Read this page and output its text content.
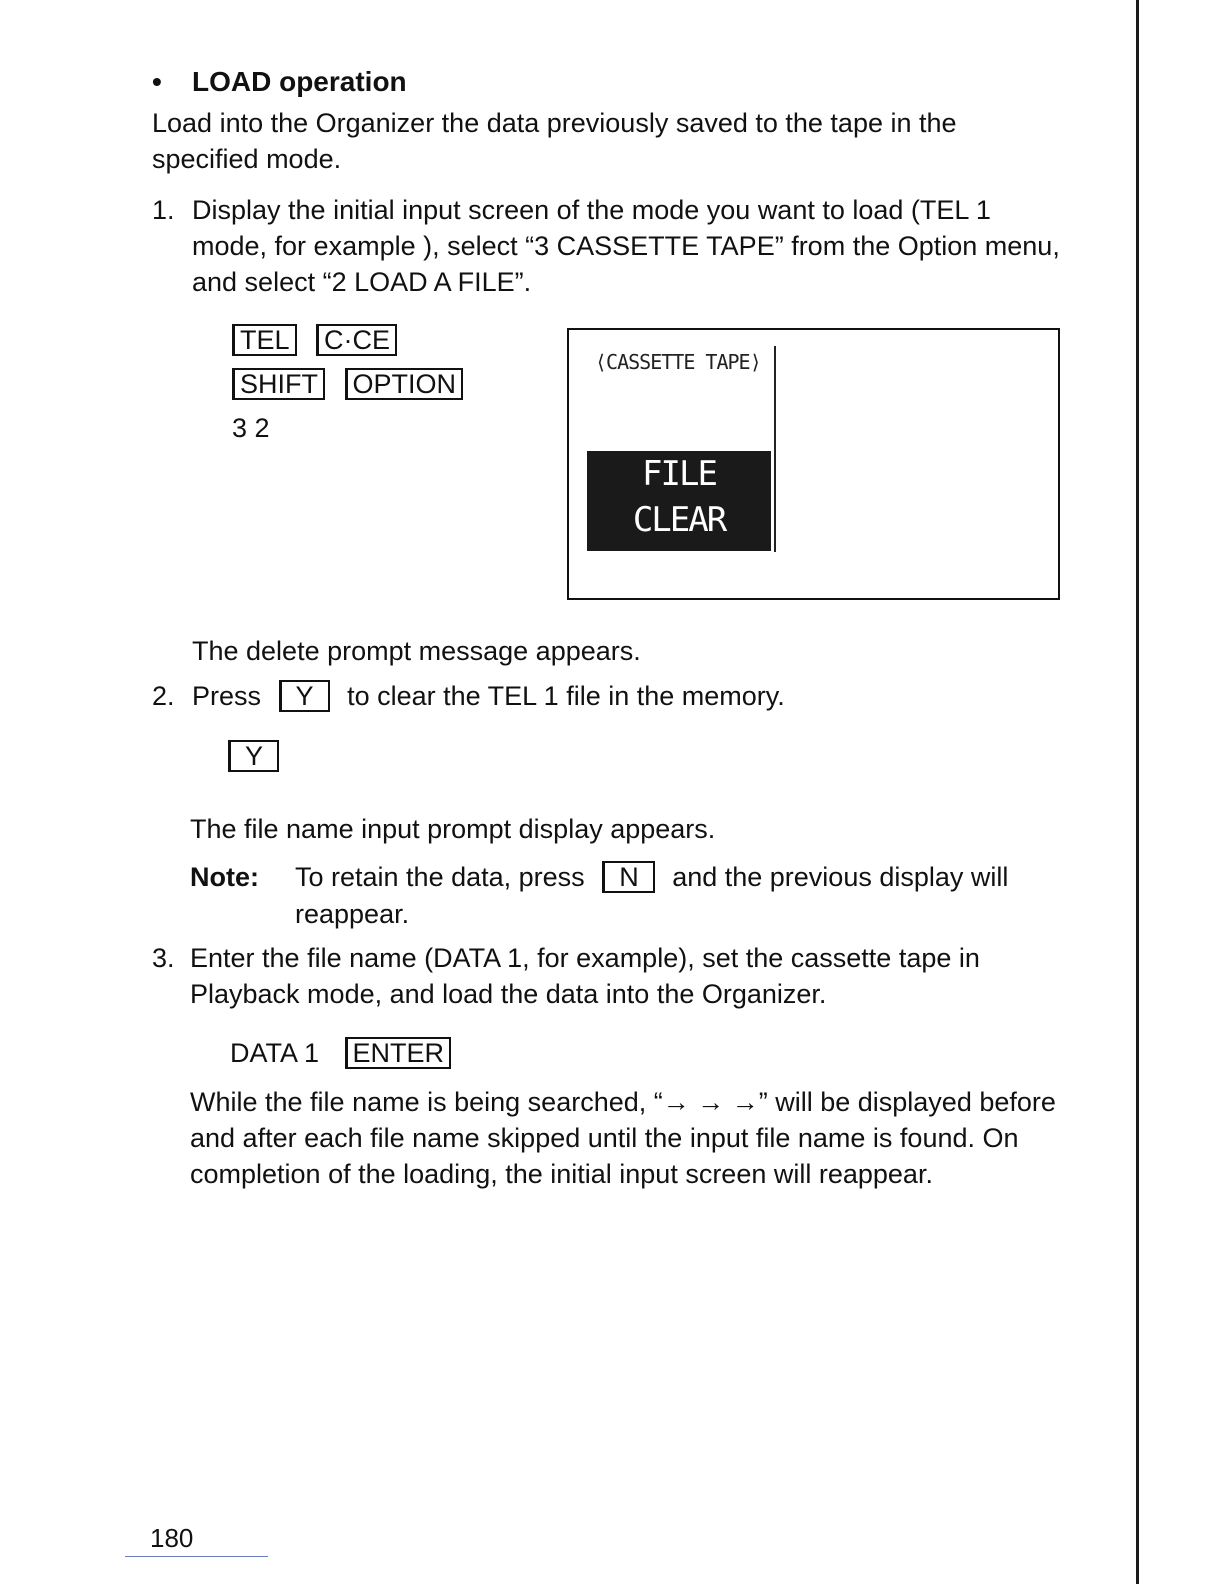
• LOAD operation
Load into the Organizer the data previously saved to the tape in the specified mode.
1. Display the initial input screen of the mode you want to load (TEL 1 mode, for example ), select “3 CASSETTE TAPE” from the Option menu, and select “2 LOAD A FILE”.
TEL C·CE
SHIFT OPTION
3 2
⟨CASSETTE TAPE⟩
FILE CLEAR
OK ? Y/N
The delete prompt message appears.
2. Press Y to clear the TEL 1 file in the memory.
Y
The file name input prompt display appears.
Note: To retain the data, press N and the previous display will
reappear.
3. Enter the file name (DATA 1, for example), set the cassette tape in Playback mode, and load the data into the Organizer.
DATA 1 ENTER
While the file name is being searched, “→ → →” will be displayed before and after each file name skipped until the input file name is found. On completion of the loading, the initial input screen will reappear.
180
